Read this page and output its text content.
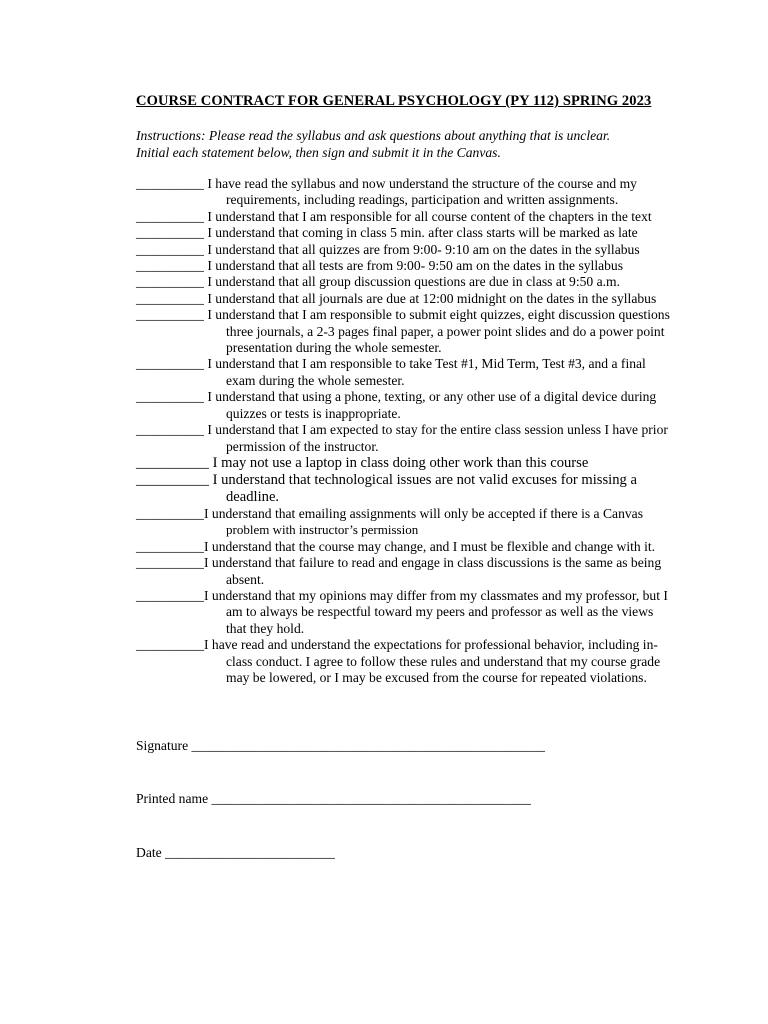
COURSE CONTRACT FOR GENERAL PSYCHOLOGY (PY 112) SPRING 2023
Instructions: Please read the syllabus and ask questions about anything that is unclear.
Initial each statement below, then sign and submit it in the Canvas.
__________ I have read the syllabus and now understand the structure of the course and my
requirements, including readings, participation and written assignments.
__________ I understand that I am responsible for all course content of the chapters in the text
__________ I understand that coming in class 5 min. after class starts will be marked as late
__________ I understand that all quizzes are from 9:00- 9:10 am on the dates in the syllabus
__________ I understand that all tests are from 9:00- 9:50 am on the dates in the syllabus
__________ I understand that all group discussion questions are due in class at 9:50 a.m.
__________ I understand that all journals are due at 12:00 midnight on the dates in the syllabus
__________ I understand that I am responsible to submit eight quizzes, eight discussion questions
three journals, a 2-3 pages final paper, a power point slides and do a power point
presentation during the whole semester.
__________ I understand that I am responsible to take Test #1, Mid Term, Test #3, and a final
exam during the whole semester.
__________ I understand that using a phone, texting, or any other use of a digital device during
quizzes or tests is inappropriate.
__________ I understand that I am expected to stay for the entire class session unless I have prior
permission of the instructor.
__________ I may not use a laptop in class doing other work than this course
__________ I understand that technological issues are not valid excuses for missing a
deadline.
__________I understand that emailing assignments will only be accepted if there is a Canvas
problem with instructor’s permission
__________I understand that the course may change, and I must be flexible and change with it.
__________I understand that failure to read and engage in class discussions is the same as being
absent.
__________I understand that my opinions may differ from my classmates and my professor, but I
am to always be respectful toward my peers and professor as well as the views
that they hold.
__________I have read and understand the expectations for professional behavior, including in-
class conduct. I agree to follow these rules and understand that my course grade
may be lowered, or I may be excused from the course for repeated violations.
Signature ____________________________________________________
Printed name _______________________________________________
Date _________________________
